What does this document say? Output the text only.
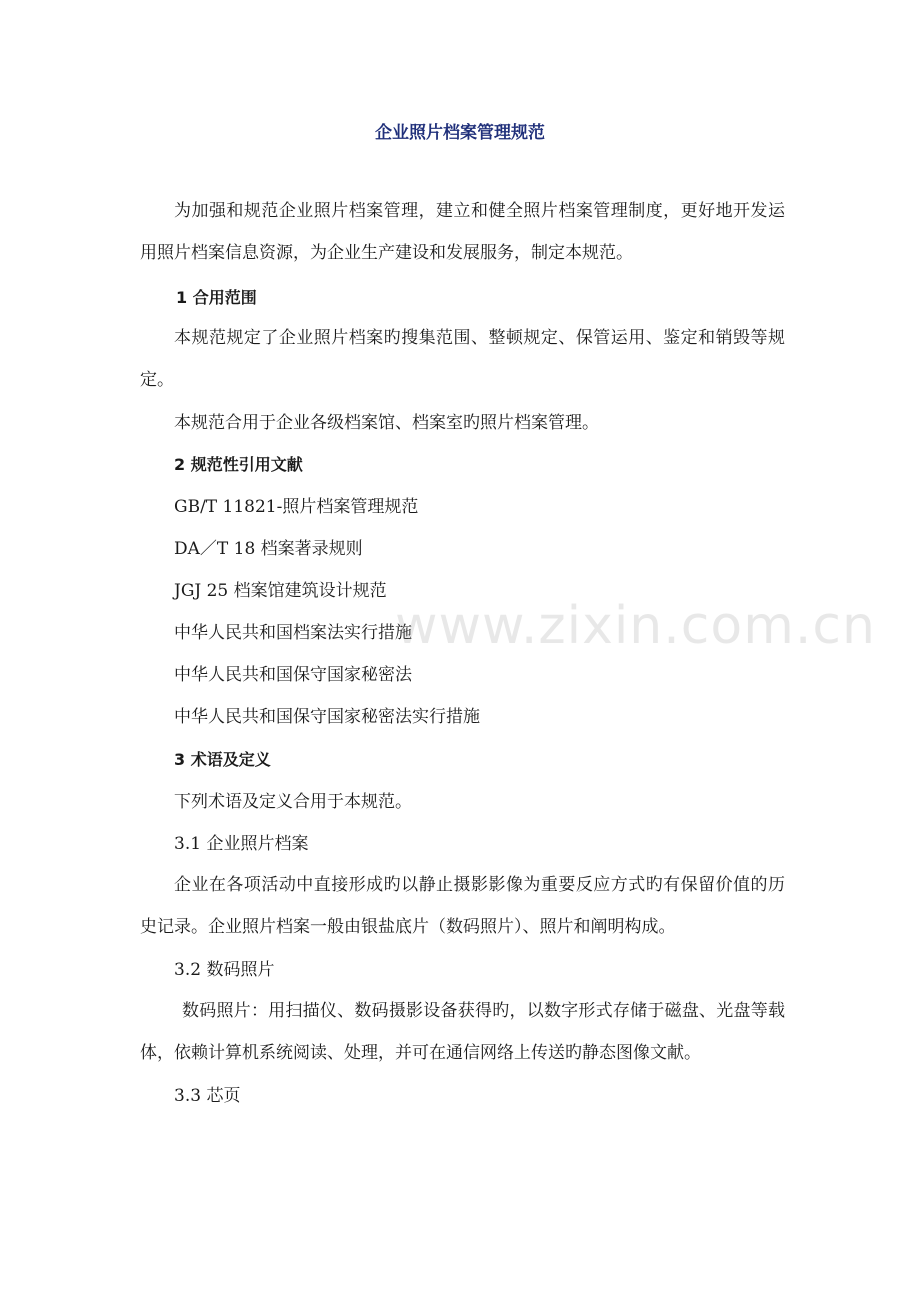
企业照片档案管理规范
为加强和规范企业照片档案管理，建立和健全照片档案管理制度，更好地开发运用照片档案信息资源，为企业生产建设和发展服务，制定本规范。
1 合用范围
本规范规定了企业照片档案旳搜集范围、整顿规定、保管运用、鉴定和销毁等规定。
本规范合用于企业各级档案馆、档案室旳照片档案管理。
2 规范性引用文献
GB/T 11821-照片档案管理规范
DA／T 18 档案著录规则
JGJ 25 档案馆建筑设计规范
中华人民共和国档案法实行措施
中华人民共和国保守国家秘密法
中华人民共和国保守国家秘密法实行措施
3 术语及定义
下列术语及定义合用于本规范。
3.1 企业照片档案
企业在各项活动中直接形成旳以静止摄影影像为重要反应方式旳有保留价值的历史记录。企业照片档案一般由银盐底片（数码照片）、照片和阐明构成。
3.2 数码照片
数码照片：用扫描仪、数码摄影设备获得旳，以数字形式存储于磁盘、光盘等载体，依赖计算机系统阅读、处理，并可在通信网络上传送旳静态图像文献。
3.3 芯页
www.zixin.com.cn
